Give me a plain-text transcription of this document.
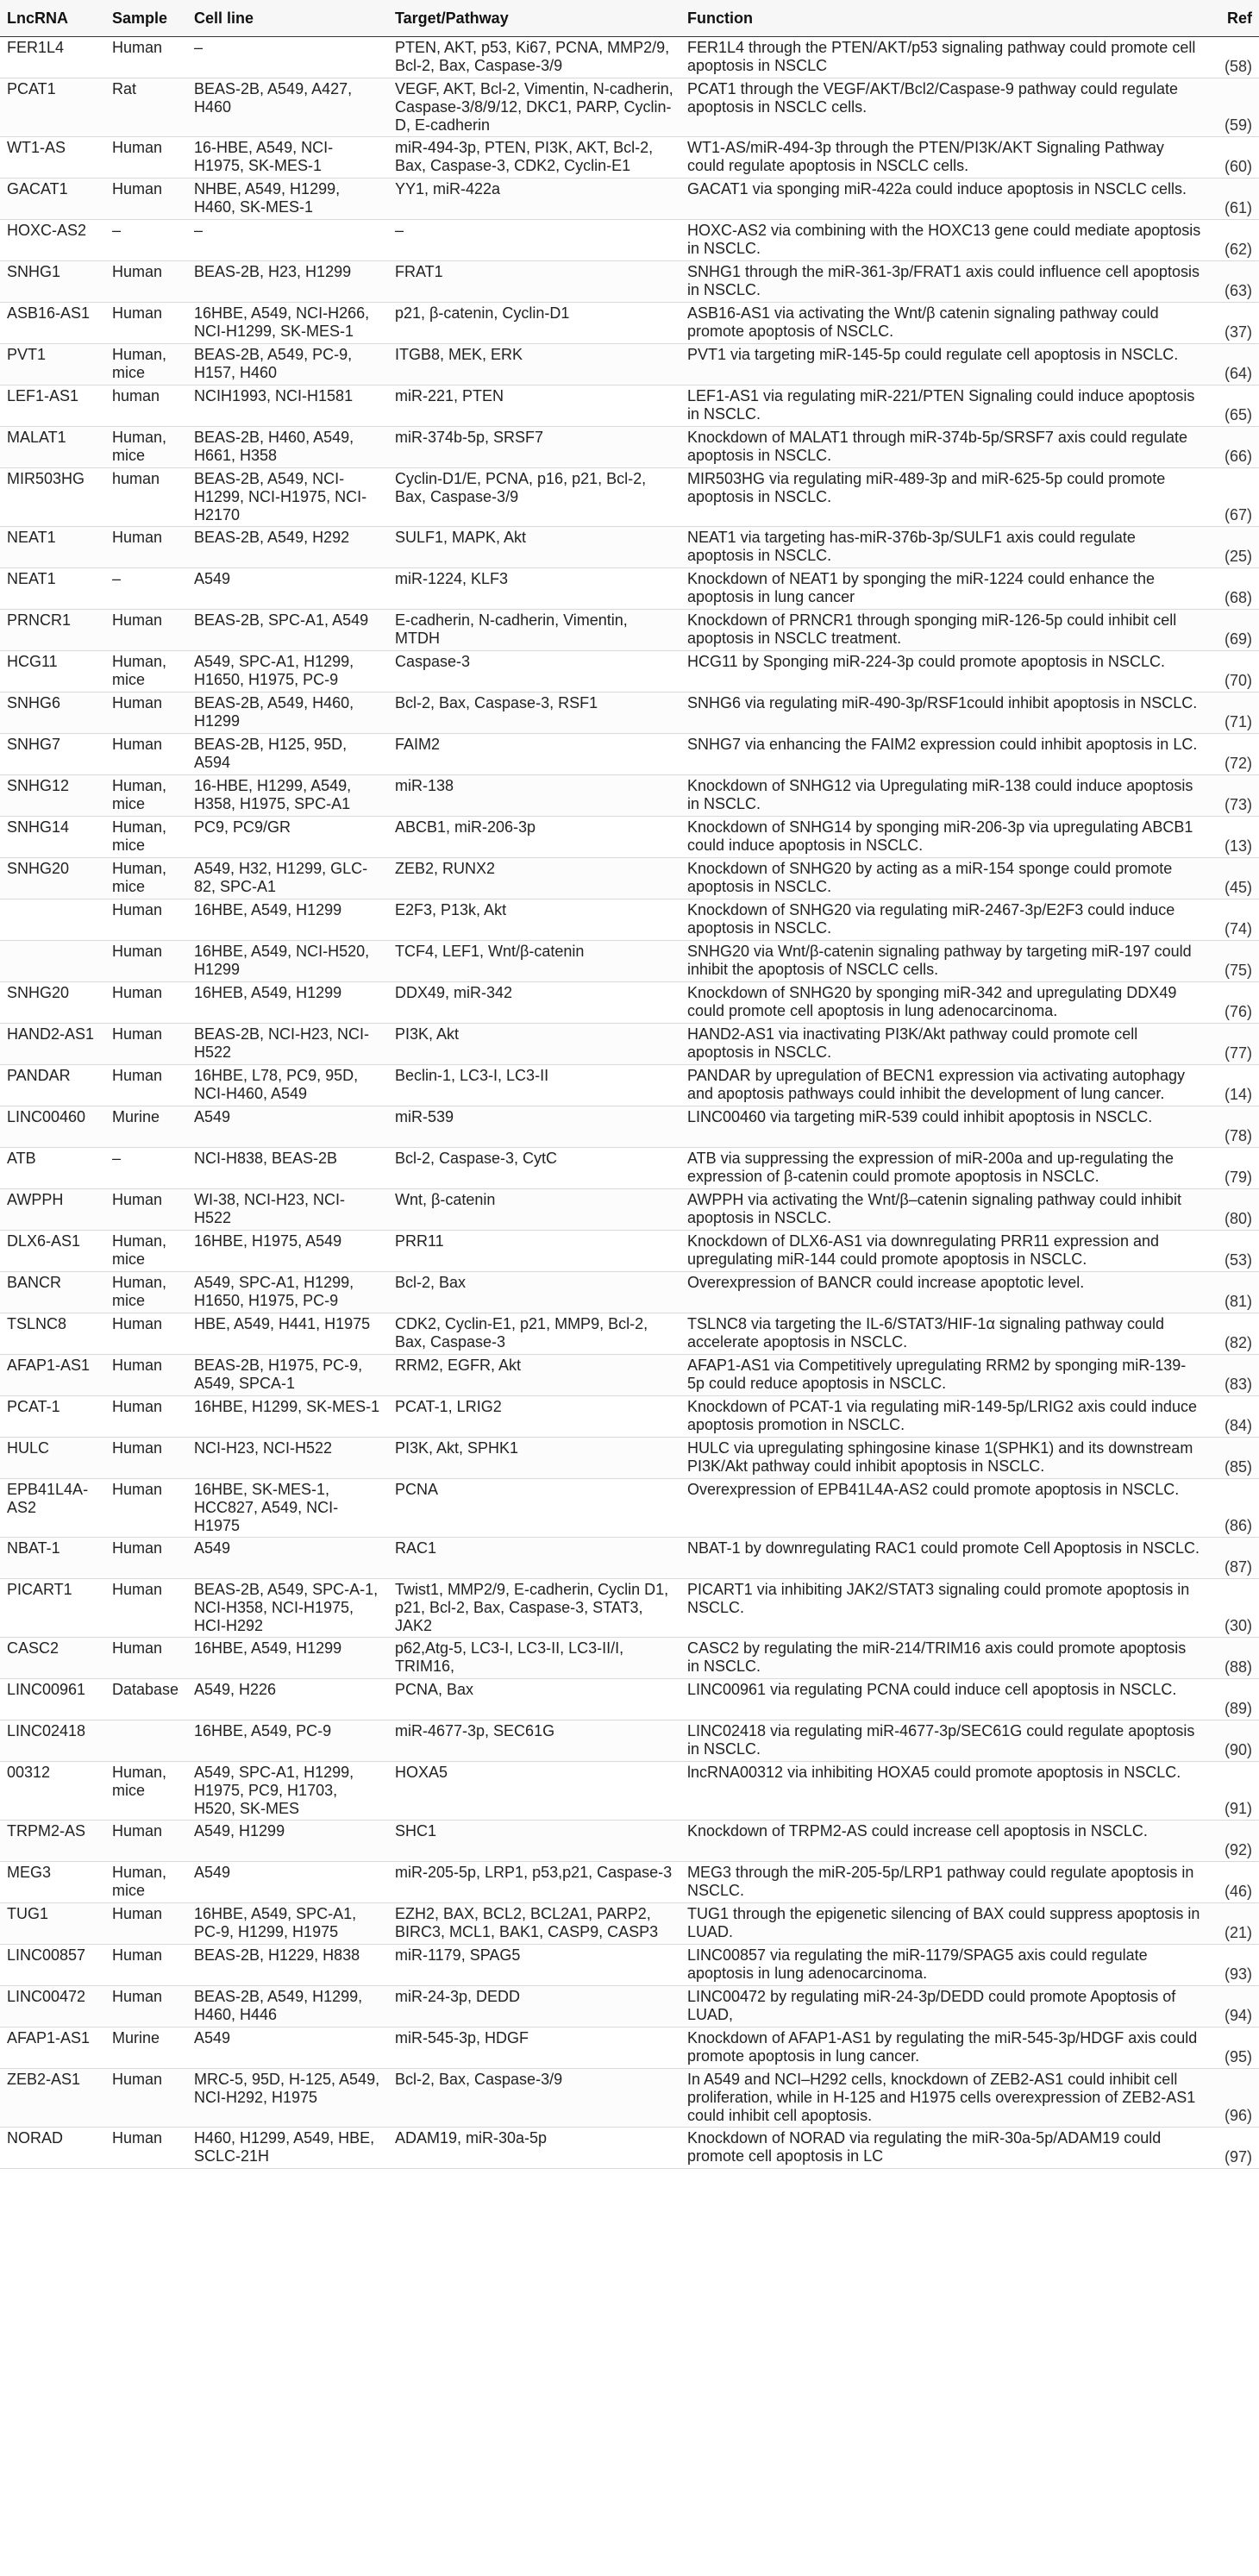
LncRNA	Sample	Cell line	Target/Pathway	Function	Ref
FER1L4	Human	–	PTEN, AKT, p53, Ki67, PCNA, MMP2/9, Bcl-2, Bax, Caspase-3/9	FER1L4 through the PTEN/AKT/p53 signaling pathway could promote cell apoptosis in NSCLC	(58)
PCAT1	Rat	BEAS-2B, A549, A427, H460	VEGF, AKT, Bcl-2, Vimentin, N-cadherin, Caspase-3/8/9/12, DKC1, PARP, Cyclin-D, E-cadherin	PCAT1 through the VEGF/AKT/Bcl2/Caspase-9 pathway could regulate apoptosis in NSCLC cells.	(59)
WT1-AS	Human	16-HBE, A549, NCI-H1975, SK-MES-1	miR-494-3p, PTEN, PI3K, AKT, Bcl-2, Bax, Caspase-3, CDK2, Cyclin-E1	WT1-AS/miR-494-3p through the PTEN/PI3K/AKT Signaling Pathway could regulate apoptosis in NSCLC cells.	(60)
GACAT1	Human	NHBE, A549, H1299, H460, SK-MES-1	YY1, miR-422a	GACAT1 via sponging miR-422a could induce apoptosis in NSCLC cells.	(61)
HOXC-AS2	–	–	–	HOXC-AS2 via combining with the HOXC13 gene could mediate apoptosis in NSCLC.	(62)
SNHG1	Human	BEAS-2B, H23, H1299	FRAT1	SNHG1 through the miR-361-3p/FRAT1 axis could influence cell apoptosis in NSCLC.	(63)
ASB16-AS1	Human	16HBE, A549, NCI-H266, NCI-H1299, SK-MES-1	p21, β-catenin, Cyclin-D1	ASB16-AS1 via activating the Wnt/β catenin signaling pathway could promote apoptosis of NSCLC.	(37)
PVT1	Human, mice	BEAS-2B, A549, PC-9, H157, H460	ITGB8, MEK, ERK	PVT1 via targeting miR-145-5p could regulate cell apoptosis in NSCLC.	(64)
LEF1-AS1	human	NCIH1993, NCI-H1581	miR-221, PTEN	LEF1-AS1 via regulating miR-221/PTEN Signaling could induce apoptosis in NSCLC.	(65)
MALAT1	Human, mice	BEAS-2B, H460, A549, H661, H358	miR-374b-5p, SRSF7	Knockdown of MALAT1 through miR-374b-5p/SRSF7 axis could regulate apoptosis in NSCLC.	(66)
MIR503HG	human	BEAS-2B, A549, NCI-H1299, NCI-H1975, NCI-H2170	Cyclin-D1/E, PCNA, p16, p21, Bcl-2, Bax, Caspase-3/9	MIR503HG via regulating miR-489-3p and miR-625-5p could promote apoptosis in NSCLC.	(67)
NEAT1	Human	BEAS-2B, A549, H292	SULF1, MAPK, Akt	NEAT1 via targeting has-miR-376b-3p/SULF1 axis could regulate apoptosis in NSCLC.	(25)
NEAT1	–	A549	miR-1224, KLF3	Knockdown of NEAT1 by sponging the miR-1224 could enhance the apoptosis in lung cancer	(68)
PRNCR1	Human	BEAS-2B, SPC-A1, A549	E-cadherin, N-cadherin, Vimentin, MTDH	Knockdown of PRNCR1 through sponging miR-126-5p could inhibit cell apoptosis in NSCLC treatment.	(69)
HCG11	Human, mice	A549, SPC-A1, H1299, H1650, H1975, PC-9	Caspase-3	HCG11 by Sponging miR-224-3p could promote apoptosis in NSCLC.	(70)
SNHG6	Human	BEAS-2B, A549, H460, H1299	Bcl-2, Bax, Caspase-3, RSF1	SNHG6 via regulating miR-490-3p/RSF1could inhibit apoptosis in NSCLC.	(71)
SNHG7	Human	BEAS-2B, H125, 95D, A594	FAIM2	SNHG7 via enhancing the FAIM2 expression could inhibit apoptosis in LC.	(72)
SNHG12	Human, mice	16-HBE, H1299, A549, H358, H1975, SPC-A1	miR-138	Knockdown of SNHG12 via Upregulating miR-138 could induce apoptosis in NSCLC.	(73)
SNHG14	Human, mice	PC9, PC9/GR	ABCB1, miR-206-3p	Knockdown of SNHG14 by sponging miR-206-3p via upregulating ABCB1 could induce apoptosis in NSCLC.	(13)
SNHG20	Human, mice	A549, H32, H1299, GLC-82, SPC-A1	ZEB2, RUNX2	Knockdown of SNHG20 by acting as a miR-154 sponge could promote apoptosis in NSCLC.	(45)
	Human	16HBE, A549, H1299	E2F3, P13k, Akt	Knockdown of SNHG20 via regulating miR-2467-3p/E2F3 could induce apoptosis in NSCLC.	(74)
	Human	16HBE, A549, NCI-H520, H1299	TCF4, LEF1, Wnt/β-catenin	SNHG20 via Wnt/β-catenin signaling pathway by targeting miR-197 could inhibit the apoptosis of NSCLC cells.	(75)
SNHG20	Human	16HEB, A549, H1299	DDX49, miR-342	Knockdown of SNHG20 by sponging miR-342 and upregulating DDX49 could promote cell apoptosis in lung adenocarcinoma.	(76)
HAND2-AS1	Human	BEAS-2B, NCI-H23, NCI-H522	PI3K, Akt	HAND2-AS1 via inactivating PI3K/Akt pathway could promote cell apoptosis in NSCLC.	(77)
PANDAR	Human	16HBE, L78, PC9, 95D, NCI-H460, A549	Beclin-1, LC3-I, LC3-II	PANDAR by upregulation of BECN1 expression via activating autophagy and apoptosis pathways could inhibit the development of lung cancer.	(14)
LINC00460	Murine	A549	miR-539	LINC00460 via targeting miR-539 could inhibit apoptosis in NSCLC.	(78)
ATB	–	NCI-H838, BEAS-2B	Bcl-2, Caspase-3, CytC	ATB via suppressing the expression of miR-200a and up-regulating the expression of β-catenin could promote apoptosis in NSCLC.	(79)
AWPPH	Human	WI-38, NCI-H23, NCI-H522	Wnt, β-catenin	AWPPH via activating the Wnt/β–catenin signaling pathway could inhibit apoptosis in NSCLC.	(80)
DLX6-AS1	Human, mice	16HBE, H1975, A549	PRR11	Knockdown of DLX6-AS1 via downregulating PRR11 expression and upregulating miR-144 could promote apoptosis in NSCLC.	(53)
BANCR	Human, mice	A549, SPC-A1, H1299, H1650, H1975, PC-9	Bcl-2, Bax	Overexpression of BANCR could increase apoptotic level.	(81)
TSLNC8	Human	HBE, A549, H441, H1975	CDK2, Cyclin-E1, p21, MMP9, Bcl-2, Bax, Caspase-3	TSLNC8 via targeting the IL-6/STAT3/HIF-1α signaling pathway could accelerate apoptosis in NSCLC.	(82)
AFAP1-AS1	Human	BEAS-2B, H1975, PC-9, A549, SPCA-1	RRM2, EGFR, Akt	AFAP1-AS1 via Competitively upregulating RRM2 by sponging miR-139-5p could reduce apoptosis in NSCLC.	(83)
PCAT-1	Human	16HBE, H1299, SK-MES-1	PCAT-1, LRIG2	Knockdown of PCAT-1 via regulating miR-149-5p/LRIG2 axis could induce apoptosis promotion in NSCLC.	(84)
HULC	Human	NCI-H23, NCI-H522	PI3K, Akt, SPHK1	HULC via upregulating sphingosine kinase 1(SPHK1) and its downstream PI3K/Akt pathway could inhibit apoptosis in NSCLC.	(85)
EPB41L4A-AS2	Human	16HBE, SK-MES-1, HCC827, A549, NCI-H1975	PCNA	Overexpression of EPB41L4A-AS2 could promote apoptosis in NSCLC.	(86)
NBAT-1	Human	A549	RAC1	NBAT-1 by downregulating RAC1 could promote Cell Apoptosis in NSCLC.	(87)
PICART1	Human	BEAS-2B, A549, SPC-A-1, NCI-H358, NCI-H1975, HCI-H292	Twist1, MMP2/9, E-cadherin, Cyclin D1, p21, Bcl-2, Bax, Caspase-3, STAT3, JAK2	PICART1 via inhibiting JAK2/STAT3 signaling could promote apoptosis in NSCLC.	(30)
CASC2	Human	16HBE, A549, H1299	p62,Atg-5, LC3-I, LC3-II, LC3-II/I, TRIM16,	CASC2 by regulating the miR-214/TRIM16 axis could promote apoptosis in NSCLC.	(88)
LINC00961	Database	A549, H226	PCNA, Bax	LINC00961 via regulating PCNA could induce cell apoptosis in NSCLC.	(89)
LINC02418		16HBE, A549, PC-9	miR-4677-3p, SEC61G	LINC02418 via regulating miR-4677-3p/SEC61G could regulate apoptosis in NSCLC.	(90)
00312	Human, mice	A549, SPC-A1, H1299, H1975, PC9, H1703, H520, SK-MES	HOXA5	lncRNA00312 via inhibiting HOXA5 could promote apoptosis in NSCLC.	(91)
TRPM2-AS	Human	A549, H1299	SHC1	Knockdown of TRPM2-AS could increase cell apoptosis in NSCLC.	(92)
MEG3	Human, mice	A549	miR-205-5p, LRP1, p53,p21, Caspase-3	MEG3 through the miR-205-5p/LRP1 pathway could regulate apoptosis in NSCLC.	(46)
TUG1	Human	16HBE, A549, SPC-A1, PC-9, H1299, H1975	EZH2, BAX, BCL2, BCL2A1, PARP2, BIRC3, MCL1, BAK1, CASP9, CASP3	TUG1 through the epigenetic silencing of BAX could suppress apoptosis in LUAD.	(21)
LINC00857	Human	BEAS-2B, H1229, H838	miR-1179, SPAG5	LINC00857 via regulating the miR-1179/SPAG5 axis could regulate apoptosis in lung adenocarcinoma.	(93)
LINC00472	Human	BEAS-2B, A549, H1299, H460, H446	miR-24-3p, DEDD	LINC00472 by regulating miR-24-3p/DEDD could promote Apoptosis of LUAD,	(94)
AFAP1-AS1	Murine	A549	miR-545-3p, HDGF	Knockdown of AFAP1-AS1 by regulating the miR-545-3p/HDGF axis could promote apoptosis in lung cancer.	(95)
ZEB2-AS1	Human	MRC-5, 95D, H-125, A549, NCI-H292, H1975	Bcl-2, Bax, Caspase-3/9	In A549 and NCI–H292 cells, knockdown of ZEB2-AS1 could inhibit cell proliferation, while in H-125 and H1975 cells overexpression of ZEB2-AS1 could inhibit cell apoptosis.	(96)
NORAD	Human	H460, H1299, A549, HBE, SCLC-21H	ADAM19, miR-30a-5p	Knockdown of NORAD via regulating the miR-30a-5p/ADAM19 could promote cell apoptosis in LC	(97)
